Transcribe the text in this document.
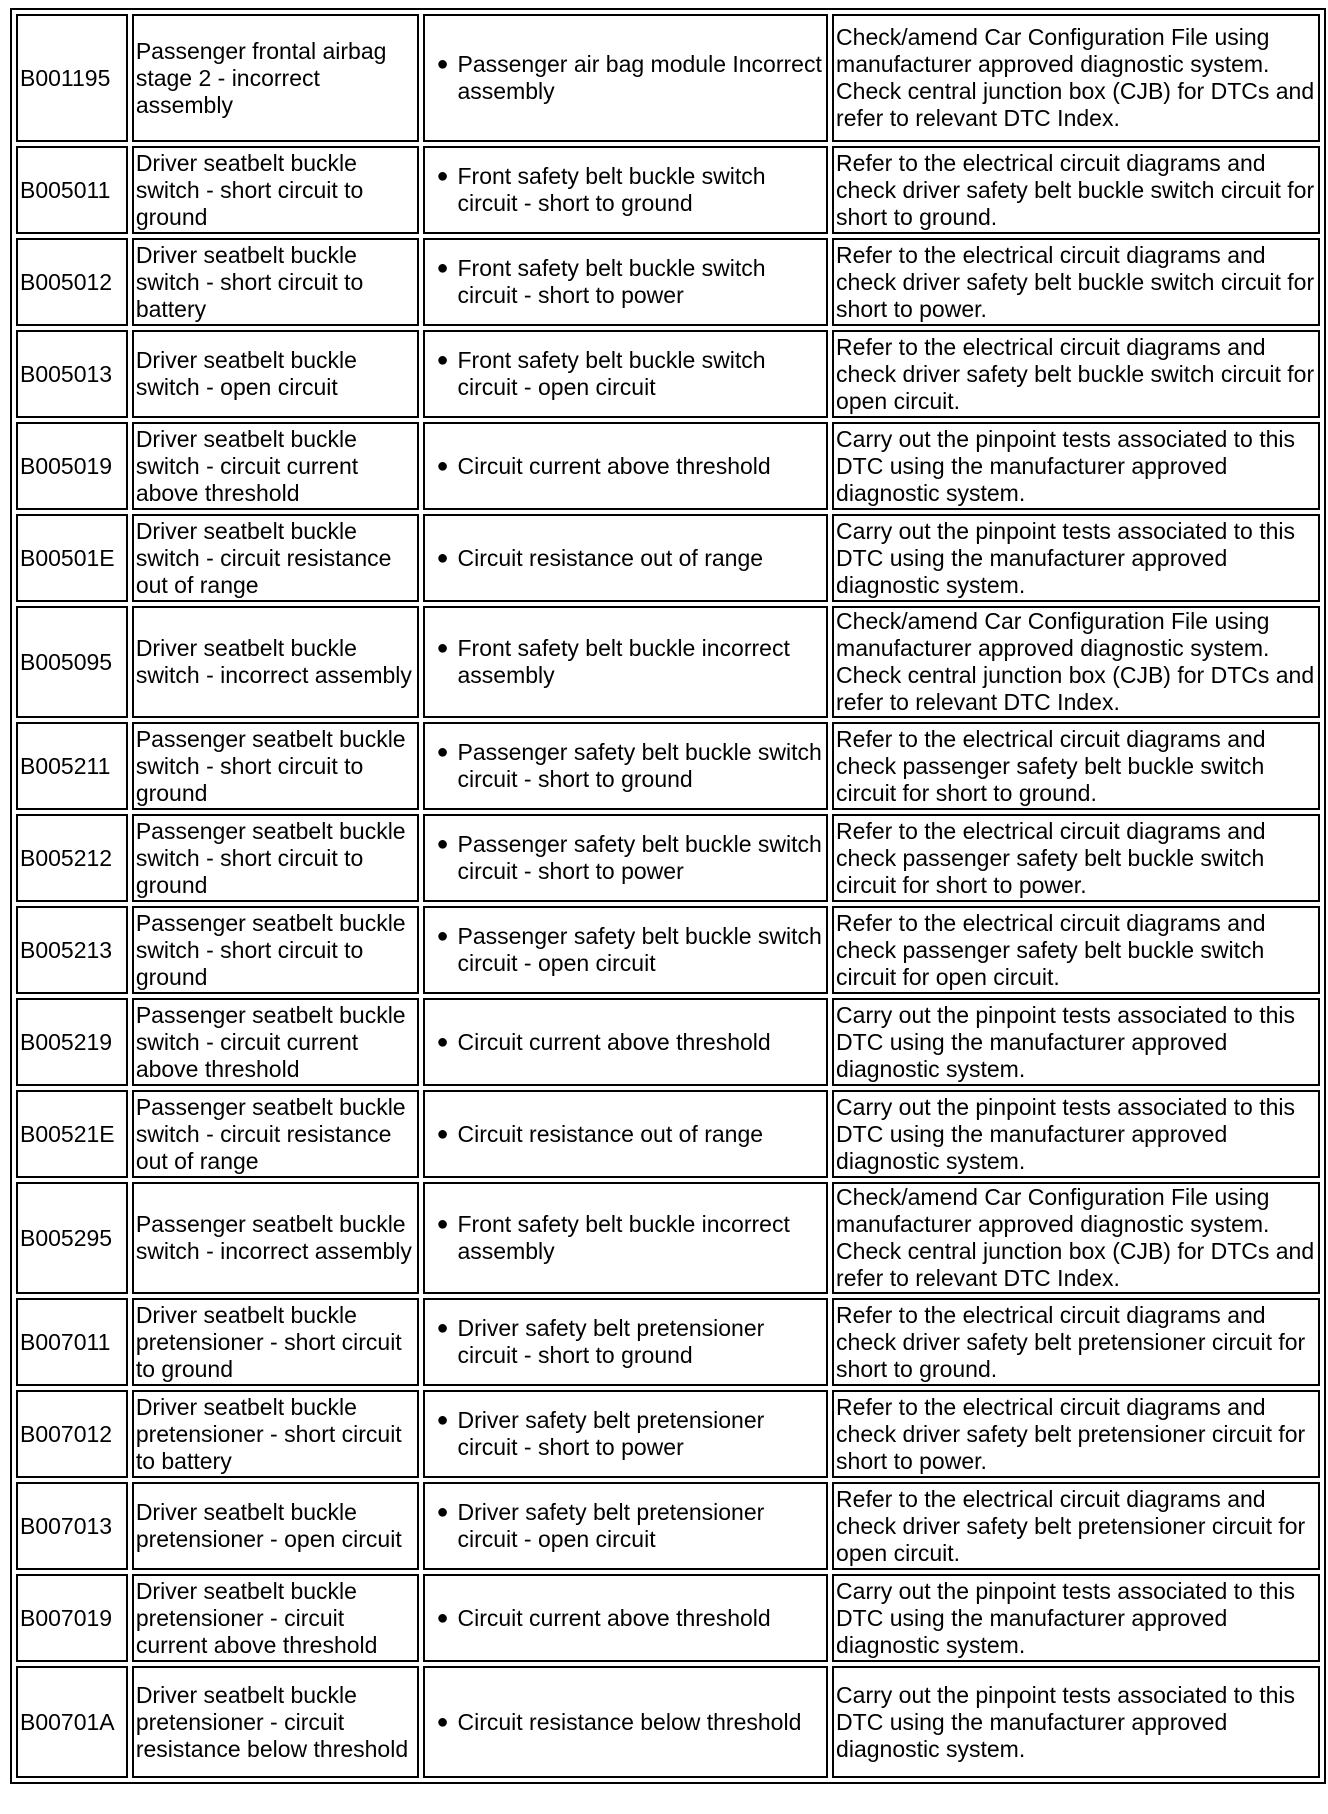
B001195	Passenger frontal airbag stage 2 - incorrect assembly	● Passenger air bag module Incorrect assembly	Check/amend Car Configuration File using manufacturer approved diagnostic system.
Check central junction box (CJB) for DTCs and refer to relevant DTC Index.

B005011	Driver seatbelt buckle switch - short circuit to ground	● Front safety belt buckle switch circuit - short to ground	Refer to the electrical circuit diagrams and check driver safety belt buckle switch circuit for short to ground.

B005012	Driver seatbelt buckle switch - short circuit to battery	● Front safety belt buckle switch circuit - short to power	Refer to the electrical circuit diagrams and check driver safety belt buckle switch circuit for short to power.

B005013	Driver seatbelt buckle switch - open circuit	● Front safety belt buckle switch circuit - open circuit	Refer to the electrical circuit diagrams and check driver safety belt buckle switch circuit for open circuit.

B005019	Driver seatbelt buckle switch - circuit current above threshold	● Circuit current above threshold	Carry out the pinpoint tests associated to this DTC using the manufacturer approved diagnostic system.

B00501E	Driver seatbelt buckle switch - circuit resistance out of range	● Circuit resistance out of range	Carry out the pinpoint tests associated to this DTC using the manufacturer approved diagnostic system.

B005095	Driver seatbelt buckle switch - incorrect assembly	● Front safety belt buckle incorrect assembly	Check/amend Car Configuration File using manufacturer approved diagnostic system. Check central junction box (CJB) for DTCs and refer to relevant DTC Index.

B005211	Passenger seatbelt buckle switch - short circuit to ground	● Passenger safety belt buckle switch circuit - short to ground	Refer to the electrical circuit diagrams and check passenger safety belt buckle switch circuit for short to ground.

B005212	Passenger seatbelt buckle switch - short circuit to ground	● Passenger safety belt buckle switch circuit - short to power	Refer to the electrical circuit diagrams and check passenger safety belt buckle switch circuit for short to power.

B005213	Passenger seatbelt buckle switch - short circuit to ground	● Passenger safety belt buckle switch circuit - open circuit	Refer to the electrical circuit diagrams and check passenger safety belt buckle switch circuit for open circuit.

B005219	Passenger seatbelt buckle switch - circuit current above threshold	● Circuit current above threshold	Carry out the pinpoint tests associated to this DTC using the manufacturer approved diagnostic system.

B00521E	Passenger seatbelt buckle switch - circuit resistance out of range	● Circuit resistance out of range	Carry out the pinpoint tests associated to this DTC using the manufacturer approved diagnostic system.

B005295	Passenger seatbelt buckle switch - incorrect assembly	● Front safety belt buckle incorrect assembly	Check/amend Car Configuration File using manufacturer approved diagnostic system. Check central junction box (CJB) for DTCs and refer to relevant DTC Index.

B007011	Driver seatbelt buckle pretensioner - short circuit to ground	● Driver safety belt pretensioner circuit - short to ground	Refer to the electrical circuit diagrams and check driver safety belt pretensioner circuit for short to ground.

B007012	Driver seatbelt buckle pretensioner - short circuit to battery	● Driver safety belt pretensioner circuit - short to power	Refer to the electrical circuit diagrams and check driver safety belt pretensioner circuit for short to power.

B007013	Driver seatbelt buckle pretensioner - open circuit	● Driver safety belt pretensioner circuit - open circuit	Refer to the electrical circuit diagrams and check driver safety belt pretensioner circuit for open circuit.

B007019	Driver seatbelt buckle pretensioner - circuit current above threshold	● Circuit current above threshold	Carry out the pinpoint tests associated to this DTC using the manufacturer approved diagnostic system.

B00701A	Driver seatbelt buckle pretensioner - circuit resistance below threshold	● Circuit resistance below threshold	Carry out the pinpoint tests associated to this DTC using the manufacturer approved diagnostic system.
